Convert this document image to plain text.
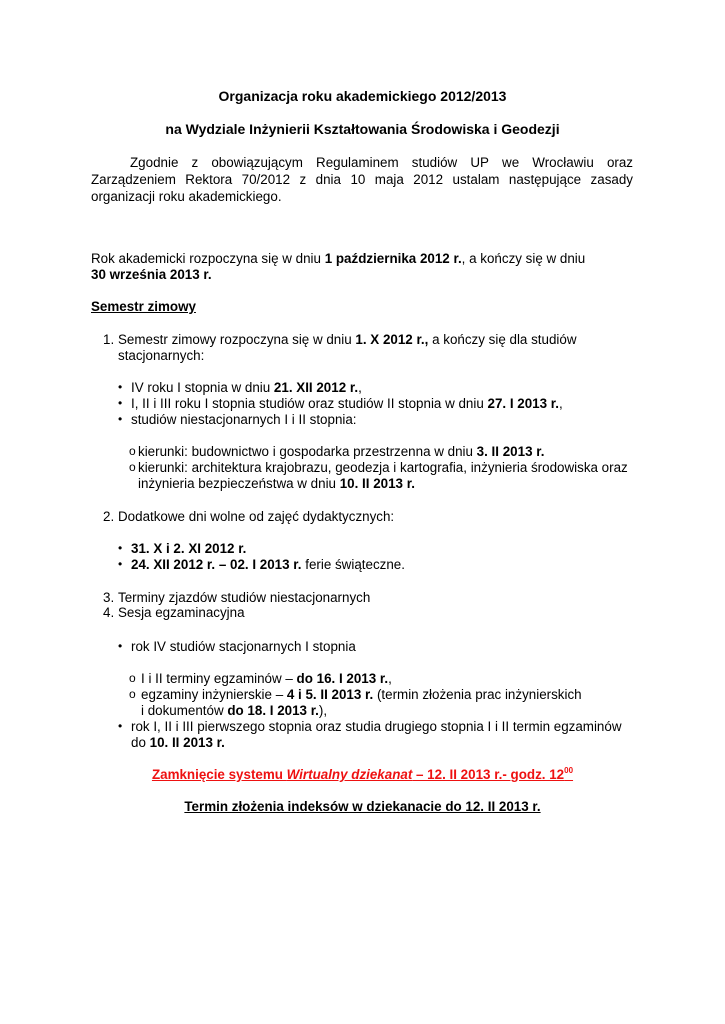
Organizacja roku akademickiego 2012/2013
na Wydziale Inżynierii Kształtowania Środowiska i Geodezji
Zgodnie z obowiązującym Regulaminem studiów UP we Wrocławiu oraz
Zarządzeniem Rektora 70/2012 z dnia 10 maja 2012 ustalam następujące zasady
organizacji roku akademickiego.
Rok akademicki rozpoczyna się w dniu 1 października 2012 r., a kończy się w dniu
30 września 2013 r.
Semestr zimowy
1. Semestr zimowy rozpoczyna się w dniu 1. X 2012 r., a kończy się dla studiów
stacjonarnych:
• IV roku I stopnia w dniu 21. XII 2012 r.,
• I, II i III roku I stopnia studiów oraz studiów II stopnia w dniu 27. I 2013 r.,
• studiów niestacjonarnych I i II stopnia:
o kierunki: budownictwo i gospodarka przestrzenna w dniu 3. II 2013 r.
o kierunki: architektura krajobrazu, geodezja i kartografia, inżynieria środowiska oraz
inżynieria bezpieczeństwa w dniu 10. II 2013 r.
2. Dodatkowe dni wolne od zajęć dydaktycznych:
• 31. X i 2. XI 2012 r.
• 24. XII 2012 r. – 02. I 2013 r. ferie świąteczne.
3. Terminy zjazdów studiów niestacjonarnych
4. Sesja egzaminacyjna
• rok IV studiów stacjonarnych I stopnia
o I i II terminy egzaminów – do 16. I 2013 r.,
o egzaminy inżynierskie – 4 i 5. II 2013 r. (termin złożenia prac inżynierskich
i dokumentów do 18. I 2013 r.),
• rok I, II i III pierwszego stopnia oraz studia drugiego stopnia I i II termin egzaminów
do 10. II 2013 r.
Zamknięcie systemu Wirtualny dziekanat – 12. II 2013 r.- godz. $12^{00}$
Termin złożenia indeksów w dziekanacie do 12. II 2013 r.
